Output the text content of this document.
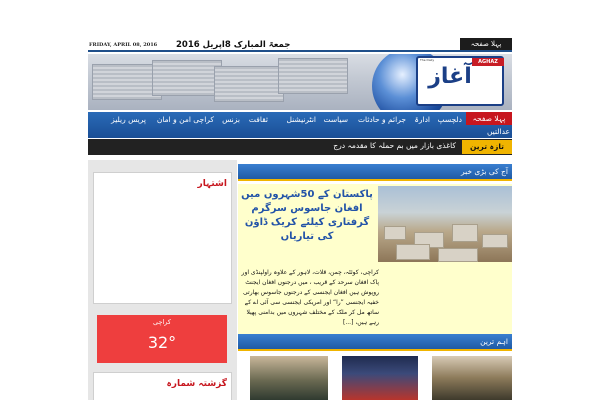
FRIDAY, APRIL 08, 2016 جمعۃ المبارک 8اپریل 2016	پہلا صفحہ
The Daily	AGHAZ
آغاز
پہلا صفحہ
دلچسپ
ادارۃ
جرائم و حادثات
سیاست
انٹرنیشنل
ثقافت
بزنس
کراچی امن و امان
پریس ریلیز
عدالتیں
تازہ ترین
کاغذی بازار میں بم حملہ کا مقدمہ درج
اشتہار
کراچی
32°
گزشتہ شمارہ
آج کی بڑی خبر
پاکستان کے 50شہروں میں افغان جاسوس سرگرم گرفتاری کیلئے کریک ڈاؤن کی تیاریاں

کراچی، کوئٹہ، چمن، قلات، لاہور کے علاوہ راولپنڈی اور پاک افغان سرحد کے قریب ، میں درجنوں افغان ایجنٹ روپوش ہیں افغان ایجنسی کے درجنوں جاسوس بھارتی خفیہ ایجنسی ”را“ اور امریکی ایجنسی سی آئی اے کے ساتھ مل کر ملک کے مختلف شہروں میں بدامنی پھیلا رہے ہیں، [...]

اہم ترین
